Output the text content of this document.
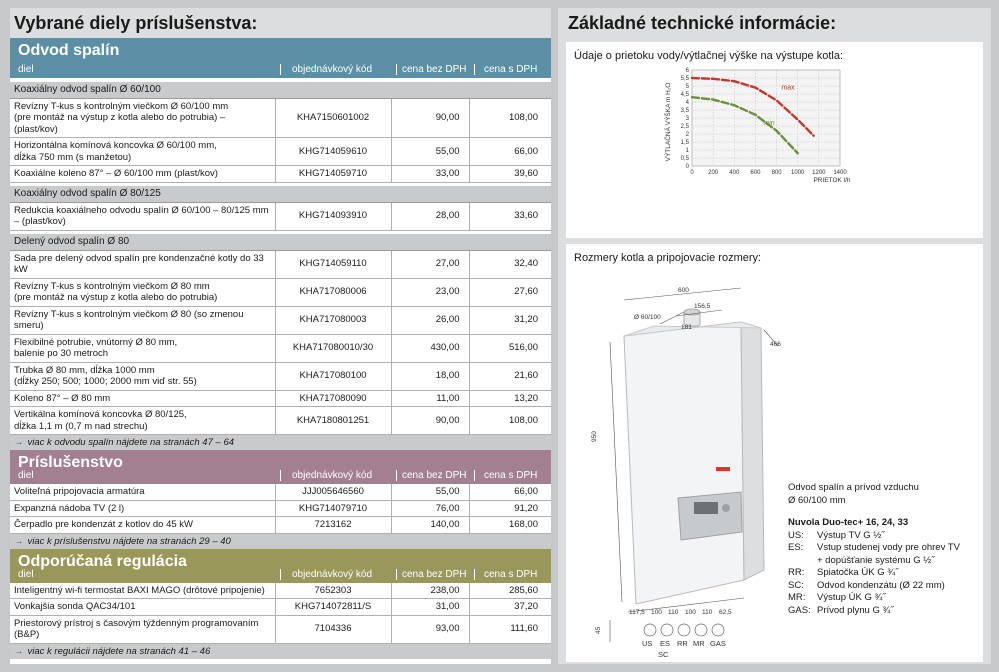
Vybrané diely príslušenstva:
Odvod spalín
diel	objednávkový kód	cena bez DPH cena s DPH

Koaxiálny odvod spalín Ø 60/100			
Revízny T-kus s kontrolným viečkom Ø 60/100 mm
(pre montáž na výstup z kotla alebo do potrubia) – (plast/kov)	KHA7150601002	90,00	108,00
Horizontálna komínová koncovka Ø 60/100 mm,
dĺžka 750 mm (s manžetou)	KHG714059610	55,00	66,00
Koaxiálne koleno 87° – Ø 60/100 mm (plast/kov)	KHG714059710	33,00	39,60

Koaxiálny odvod spalín Ø 80/125			
Redukcia koaxiálneho odvodu spalín Ø 60/100 – 80/125 mm
– (plast/kov)	KHG714093910	28,00	33,60

Delený odvod spalín Ø 80			
Sada pre delený odvod spalín pre kondenzačné kotly do 33 kW	KHG714059110	27,00	32,40
Revízny T-kus s kontrolným viečkom Ø 80 mm
(pre montáž na výstup z kotla alebo do potrubia)	KHA717080006	23,00	27,60
Revízny T-kus s kontrolným viečkom Ø 80 (so zmenou smeru)	KHA717080003	26,00	31,20
Flexibilné potrubie, vnútorný Ø 80 mm,
balenie po 30 metroch	KHA717080010/30	430,00	516,00
Trubka Ø 80 mm, dĺžka 1000 mm
(dĺžky 250; 500; 1000; 2000 mm viď str. 55)	KHA717080100	18,00	21,60
Koleno 87° – Ø 80 mm	KHA717080090	11,00	13,20
Vertikálna komínová koncovka Ø 80/125,
dĺžka 1,1 m (0,7 m nad strechu)	KHA7180801251	90,00	108,00
→ viac k odvodu spalín nájdete na stranách 47 – 64
Príslušenstvo
diel	objednávkový kód	cena bez DPH cena s DPH
Voliteľná pripojovacia armatúra	JJJ005646560	55,00	66,00
Expanzná nádoba TV (2 l)	KHG714079710	76,00	91,20
Čerpadlo pre kondenzát z kotlov do 45 kW	7213162	140,00	168,00
→ viac k príslušenstvu nájdete na stranách 29 – 40
Odporúčaná regulácia
diel	objednávkový kód	cena bez DPH cena s DPH
Inteligentný wi-fi termostat BAXI MAGO (drôtové pripojenie)	7652303	238,00	285,60
Vonkajšia sonda QAC34/101	KHG714072811/S	31,00	37,20
Priestorový prístroj s časovým týždenným programovaním (B&P)	7104336	93,00	111,60
→ viac k regulácii nájdete na stranách 41 – 46
Základné technické informácie:
Údaje o prietoku vody/výtlačnej výške na výstupe kotla:
0
0,5
1
1,5
2
2,5
3
3,5
4
4,5
5
5,5
6
0 200 400 600 800 1000 1200 1400
PRIETOK l/h
VÝTLAČNÁ VÝŠKA m H₂O	max
min
Rozmery kotla a pripojovacie rozmery:
600
156,5
Ø 60/100
181
466
950
45
117,5 100 110 100 110 62,5
US ES RR MR GAS
SC
Odvod spalín a prívod vzduchu
Ø 60/100 mm
Nuvola Duo-tec+ 16, 24, 33
US:	Výstup TV G ½˝
ES:	Vstup studenej vody pre ohrev TV
+ dopúšťanie systému G ½˝
RR:	Spiatočka ÚK G ¾˝
SC:	Odvod kondenzátu (Ø 22 mm)
MR:	Výstup ÚK G ¾˝
GAS: Prívod plynu G ¾˝
